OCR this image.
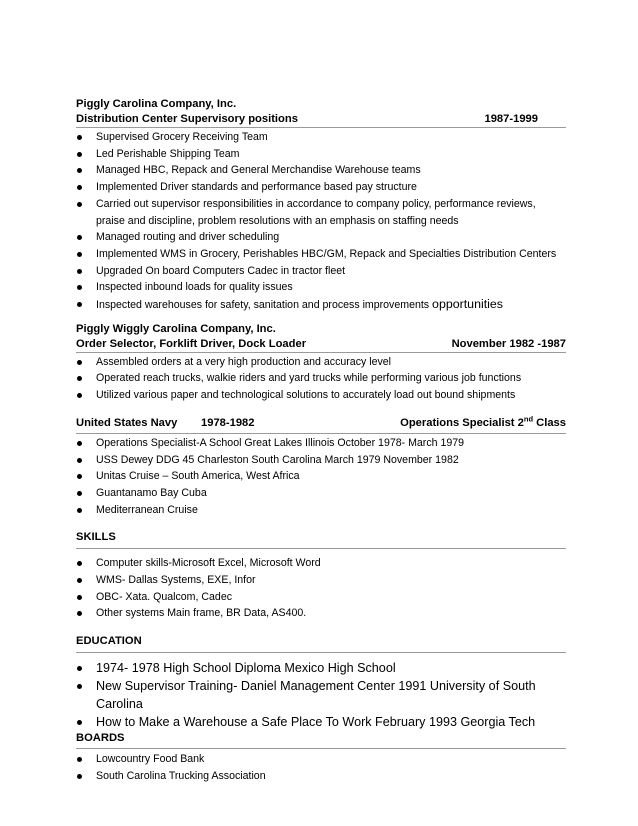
Piggly Carolina Company, Inc.
Distribution Center Supervisory positions	1987-1999
Supervised Grocery Receiving Team
Led Perishable Shipping Team
Managed HBC, Repack and General Merchandise Warehouse teams
Implemented Driver standards and performance based pay structure
Carried out supervisor responsibilities in accordance to company policy, performance reviews,
praise and discipline, problem resolutions with an emphasis on staffing needs
Managed routing and driver scheduling
Implemented WMS in Grocery, Perishables HBC/GM, Repack and Specialties Distribution Centers
Upgraded On board Computers Cadec in tractor fleet
Inspected inbound loads for quality issues
Inspected warehouses for safety, sanitation and process improvements opportunities
Piggly Wiggly Carolina Company, Inc.
Order Selector, Forklift Driver, Dock Loader	November 1982 -1987
Assembled orders at a very high production and accuracy level
Operated reach trucks, walkie riders and yard trucks while performing various job functions
Utilized various paper and technological solutions to accurately load out bound shipments
United States Navy	1978-1982	Operations Specialist 2nd Class
Operations Specialist-A School Great Lakes Illinois October 1978- March 1979
USS Dewey DDG 45 Charleston South Carolina March 1979 November 1982
Unitas Cruise – South America, West Africa
Guantanamo Bay Cuba
Mediterranean Cruise
SKILLS
Computer skills-Microsoft Excel, Microsoft Word
WMS- Dallas Systems, EXE, Infor
OBC- Xata. Qualcom, Cadec
Other systems Main frame, BR Data, AS400.
EDUCATION
1974- 1978 High School Diploma Mexico High School
New Supervisor Training- Daniel Management Center 1991 University of South Carolina
How to Make a Warehouse a Safe Place To Work February 1993 Georgia Tech
BOARDS
Lowcountry Food Bank
South Carolina Trucking Association
